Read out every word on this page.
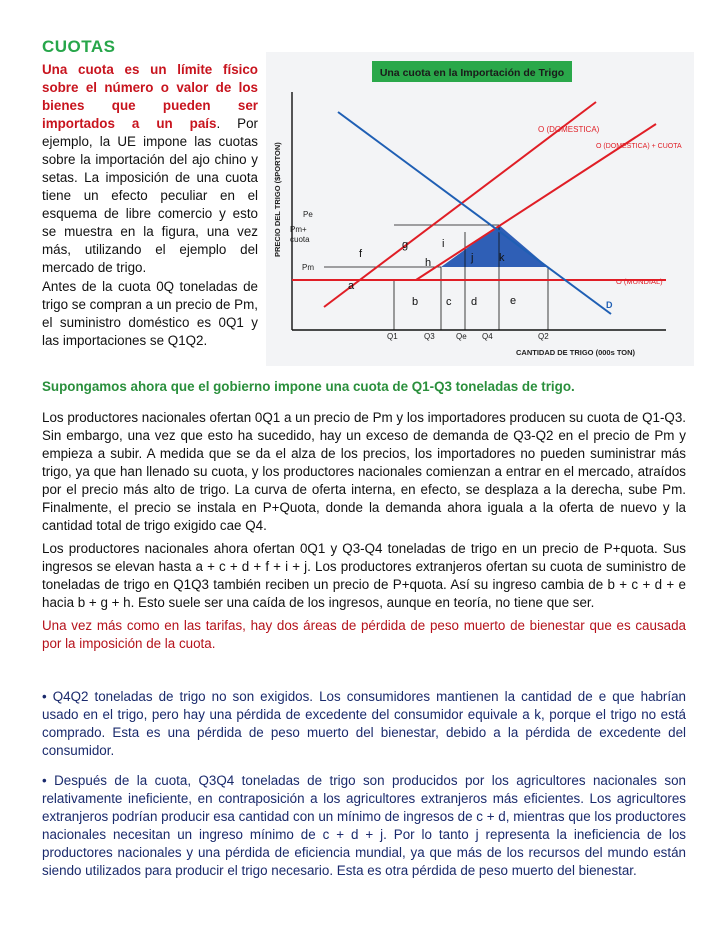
CUOTAS
Una cuota es un límite físico sobre el número o valor de los bienes que pueden ser importados a un país. Por ejemplo, la UE impone las cuotas sobre la importación del ajo chino y setas. La imposición de una cuota tiene un efecto peculiar en el esquema de libre comercio y esto se muestra en la figura, una vez más, utilizando el ejemplo del mercado de trigo.
Antes de la cuota 0Q toneladas de trigo se compran a un precio de Pm, el suministro doméstico es 0Q1 y las importaciones se Q1Q2.
Una cuota en la Importación de Trigo
PRECIO DEL TRIGO ($PORTON)
CANTIDAD DE TRIGO (000s TON)
O (DOMESTICA)
O (DOMESTICA) + CUOTA
O (MUNDIAL)
D
Pe
Pm+
cuota
Pm
Q1	Q3	Qe Q4	Q2
a
b	c d	e
f
g
h
i
j k
Supongamos ahora que el gobierno impone una cuota de Q1-Q3 toneladas de trigo.
Los productores nacionales ofertan 0Q1 a un precio de Pm y los importadores producen su cuota de Q1-Q3. Sin embargo, una vez que esto ha sucedido, hay un exceso de demanda de Q3-Q2 en el precio de Pm y empieza a subir. A medida que se da el alza de los precios, los importadores no pueden suministrar más trigo, ya que han llenado su cuota, y los productores nacionales comienzan a entrar en el mercado, atraídos por el precio más alto de trigo. La curva de oferta interna, en efecto, se desplaza a la derecha, sube Pm. Finalmente, el precio se instala en P+Quota, donde la demanda ahora iguala a la oferta de nuevo y la cantidad total de trigo exigido cae Q4.
Los productores nacionales ahora ofertan 0Q1 y Q3-Q4 toneladas de trigo en un precio de P+quota. Sus ingresos se elevan hasta a + c + d + f + i + j. Los productores extranjeros ofertan su cuota de suministro de toneladas de trigo en Q1Q3 también reciben un precio de P+quota. Así su ingreso cambia de b + c + d + e hacia b + g + h. Esto suele ser una caída de los ingresos, aunque en teoría, no tiene que ser.
Una vez más como en las tarifas, hay dos áreas de pérdida de peso muerto de bienestar que es causada por la imposición de la cuota.
• Q4Q2 toneladas de trigo no son exigidos. Los consumidores mantienen la cantidad de e que habrían usado en el trigo, pero hay una pérdida de excedente del consumidor equivale a k, porque el trigo no está comprado. Esta es una pérdida de peso muerto del bienestar, debido a la pérdida de excedente del consumidor.
• Después de la cuota, Q3Q4 toneladas de trigo son producidos por los agricultores nacionales son relativamente ineficiente, en contraposición a los agricultores extranjeros más eficientes. Los agricultores extranjeros podrían producir esa cantidad con un mínimo de ingresos de c + d, mientras que los productores nacionales necesitan un ingreso mínimo de c + d + j. Por lo tanto j representa la ineficiencia de los productores nacionales y una pérdida de eficiencia mundial, ya que más de los recursos del mundo están siendo utilizados para producir el trigo necesario. Esta es otra pérdida de peso muerto del bienestar.
